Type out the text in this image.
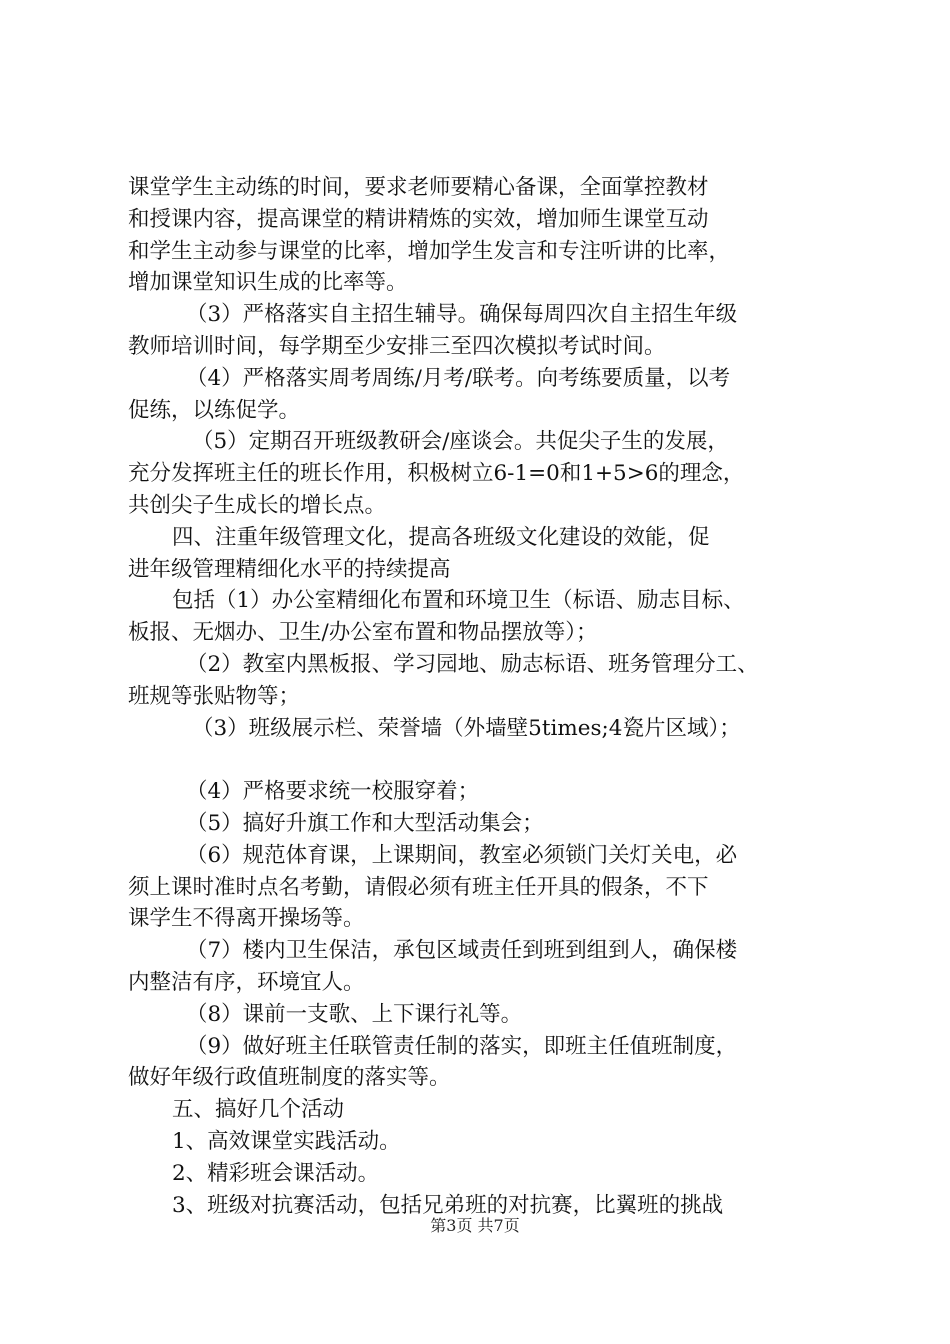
课堂学生主动练的时间，要求老师要精心备课，全面掌控教材
和授课内容，提高课堂的精讲精炼的实效，增加师生课堂互动
和学生主动参与课堂的比率，增加学生发言和专注听讲的比率，
增加课堂知识生成的比率等。
（3）严格落实自主招生辅导。确保每周四次自主招生年级
教师培训时间，每学期至少安排三至四次模拟考试时间。
（4）严格落实周考周练/月考/联考。向考练要质量，以考
促练，以练促学。
（5）定期召开班级教研会/座谈会。共促尖子生的发展，
充分发挥班主任的班长作用，积极树立6-1=0和1+5>6的理念，
共创尖子生成长的增长点。
四、注重年级管理文化，提高各班级文化建设的效能，促
进年级管理精细化水平的持续提高
包括（1）办公室精细化布置和环境卫生（标语、励志目标、
板报、无烟办、卫生/办公室布置和物品摆放等）；
（2）教室内黑板报、学习园地、励志标语、班务管理分工、
班规等张贴物等；
（3）班级展示栏、荣誉墙（外墙壁5times;4瓷片区域）；
（4）严格要求统一校服穿着；
（5）搞好升旗工作和大型活动集会；
（6）规范体育课，上课期间，教室必须锁门关灯关电，必
须上课时准时点名考勤，请假必须有班主任开具的假条，不下
课学生不得离开操场等。
（7）楼内卫生保洁，承包区域责任到班到组到人，确保楼
内整洁有序，环境宜人。
（8）课前一支歌、上下课行礼等。
（9）做好班主任联管责任制的落实，即班主任值班制度，
做好年级行政值班制度的落实等。
五、搞好几个活动
1、高效课堂实践活动。
2、精彩班会课活动。
3、班级对抗赛活动，包括兄弟班的对抗赛，比翼班的挑战
第3页 共7页
